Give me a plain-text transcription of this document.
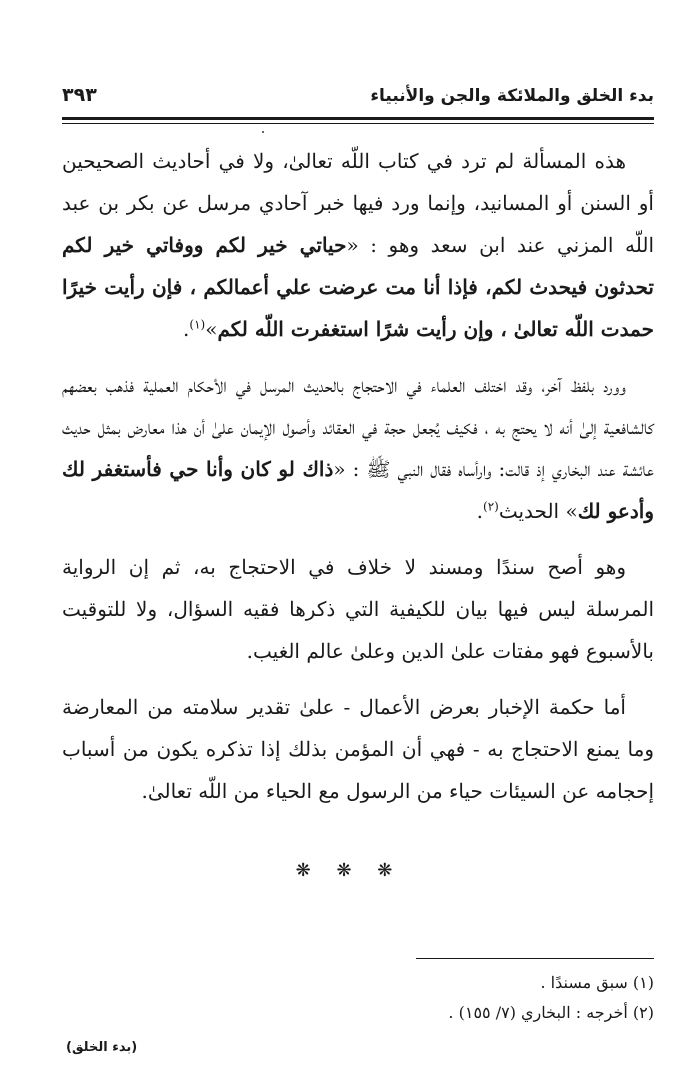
بدء الخلق والملائكة والجن والأنبياء
٣٩٣

هذه المسألة لم ترد في كتاب اللّه تعالىٰ، ولا في أحاديث الصحيحين أو السنن أو المسانيد، وإنما ورد فيها خبر آحادي مرسل عن بكر بن عبد اللّه المزني عند ابن سعد وهو : «حياتي خير لكم ووفاتي خير لكم تحدثون فيحدث لكم، فإذا أنا مت عرضت علي أعمالكم ، فإن رأيت خيرًا حمدت اللّه تعالىٰ ، وإن رأيت شرًا استغفرت اللّه لكم»$^{(١)}$.

وورد بلفظ آخر، وقد اختلف العلماء في الاحتجاج بالحديث المرسل في الأحكام العملية فذهب بعضهم كالشافعية إلىٰ أنه لا يحتج به ، فكيف يُجعل حجة في العقائد وأصول الإيمان علىٰ أن هذا معارض بمثل حديث عائشة عند البخاري إذ قالت: وارأساه فقال النبي ﷺ : «ذاك لو كان وأنا حي فأستغفر لك وأدعو لك» الحديث$^{(٢)}$.

وهو أصح سندًا ومسند لا خلاف في الاحتجاج به، ثم إن الرواية المرسلة ليس فيها بيان للكيفية التي ذكرها فقيه السؤال، ولا للتوقيت بالأسبوع فهو مفتات علىٰ الدين وعلىٰ عالم الغيب.

أما حكمة الإخبار بعرض الأعمال - علىٰ تقدير سلامته من المعارضة وما يمنع الاحتجاج به - فهي أن المؤمن بذلك إذا تذكره يكون من أسباب إحجامه عن السيئات حياء من الرسول مع الحياء من اللّه تعالىٰ.

❋ ❋ ❋
(١) سبق مسندًا .
(٢) أخرجه : البخاري (٧/ ١٥٥) .
(بدء الخلق)
